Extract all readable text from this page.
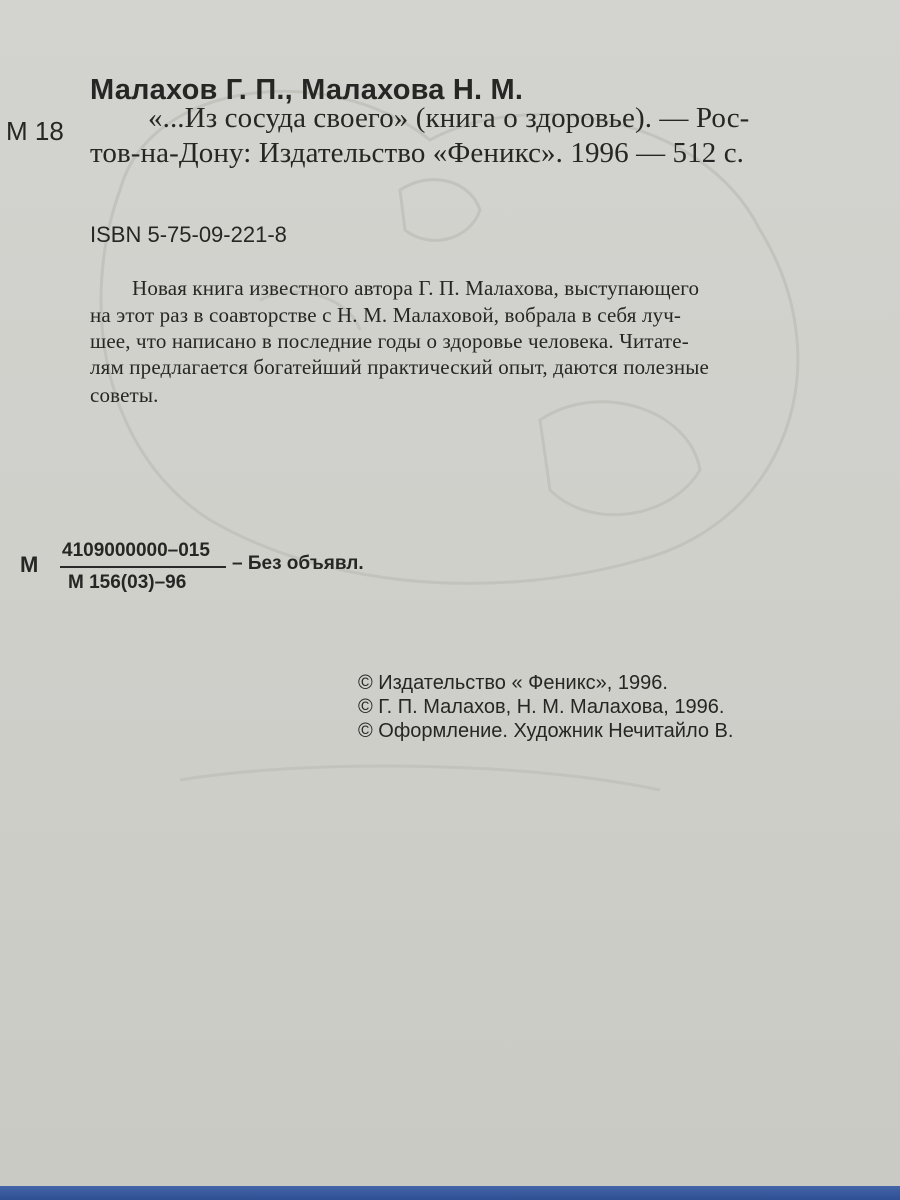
М 18
Малахов Г. П., Малахова Н. М.
«...Из сосуда своего» (книга о здоровье). — Рос-
тов-на-Дону: Издательство «Феникс». 1996 — 512 с.
ISBN 5-75-09-221-8
Новая книга известного автора Г. П. Малахова, выступающего
на этот раз в соавторстве с Н. М. Малаховой, вобрала в себя луч-
шее, что написано в последние годы о здоровье человека. Читате-
лям предлагается богатейший практический опыт, даются полезные
советы.
М
4109000000–015
М 156(03)–96
– Без объявл.
© Издательство « Феникс», 1996.
© Г. П. Малахов, Н. М. Малахова, 1996.
© Оформление. Художник Нечитайло В.
